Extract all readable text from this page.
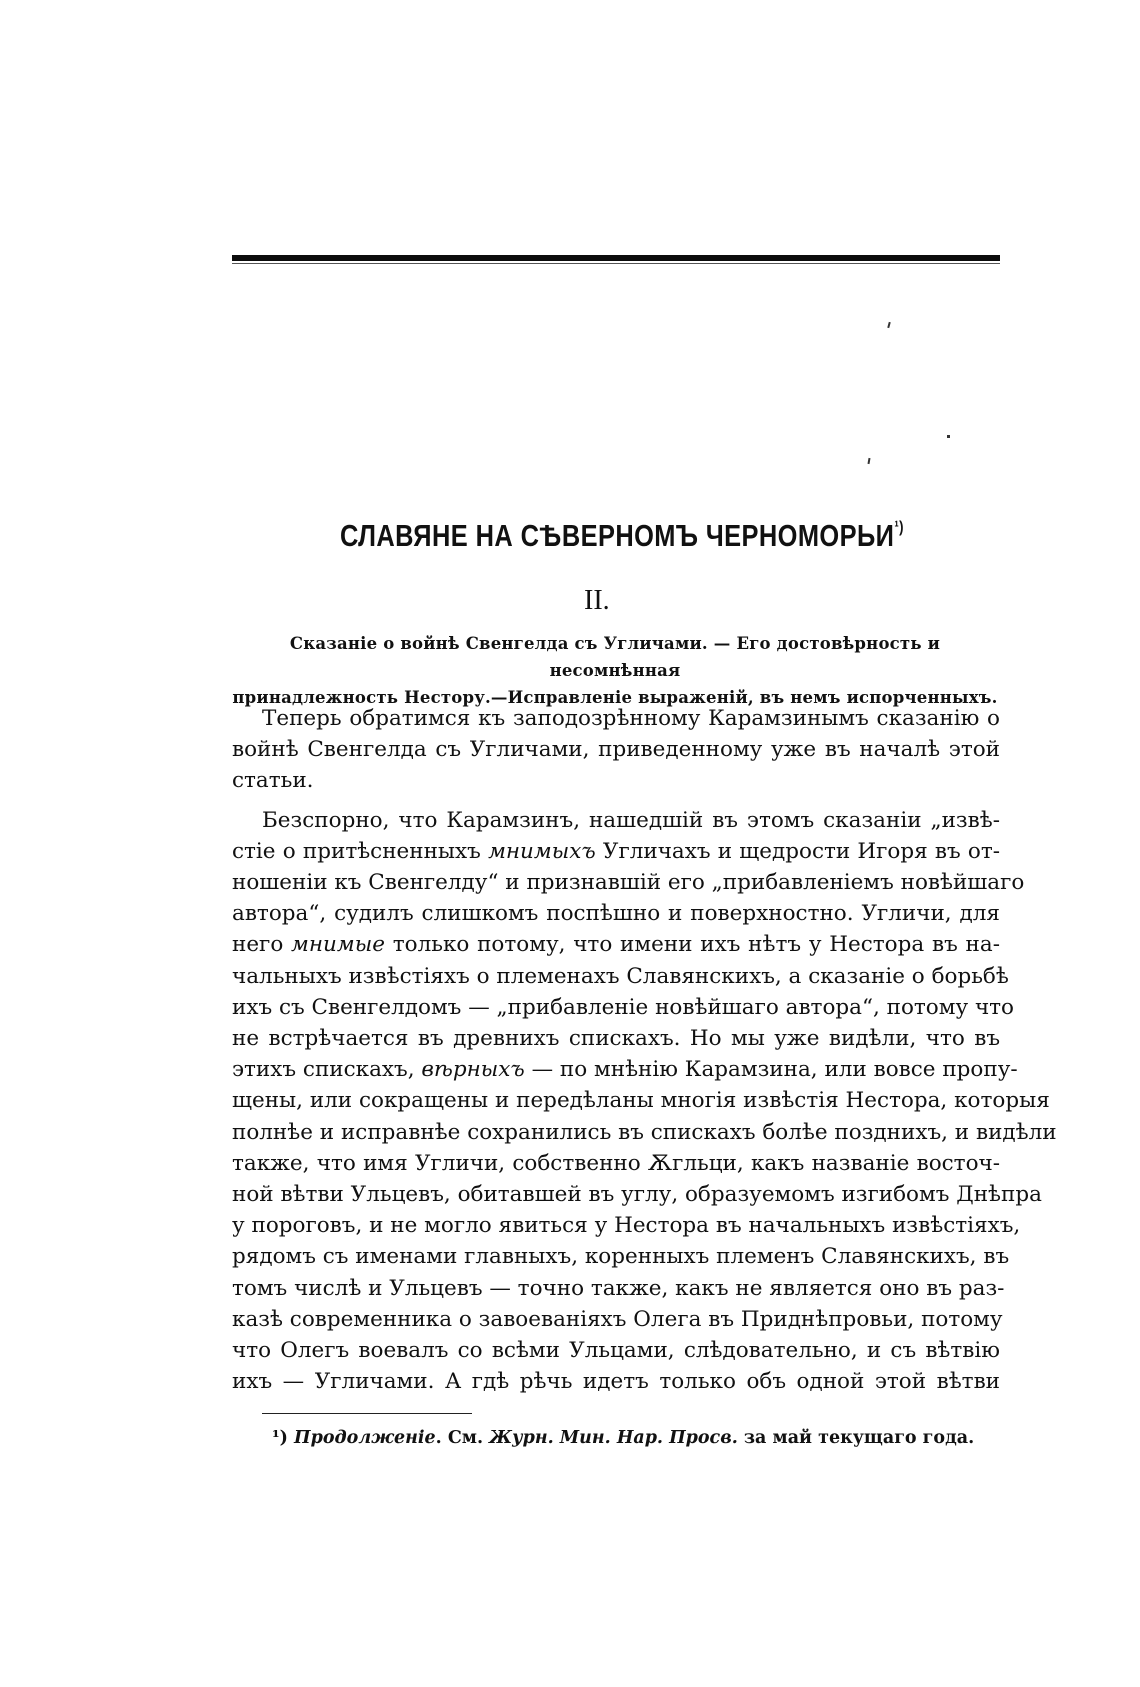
СЛАВЯНЕ НА СѢВЕРНОМЪ $ЧЕРНОМОРЬИ^{^1)}$
II.
Сказаніе о войнѣ Свенгелда съ Угличами. — Его достовѣрность и несомнѣнная
принадлежность Нестору.—Исправленіе выраженій, въ немъ испорченныхъ.
Теперь обратимся къ заподозрѣнному Карамзинымъ сказанію о
войнѣ Свенгелда съ Угличами, приведенному уже въ началѣ этой
статьи.
Безспорно, что Карамзинъ, нашедшій въ этомъ сказаніи „извѣ-
стіе о притѣсненныхъ мнимыхъ Угличахъ и щедрости Игоря въ от-
ношеніи къ Свенгелду“ и признавшій его „прибавленіемъ новѣйшаго
автора“, судилъ слишкомъ поспѣшно и поверхностно. Угличи, для
него мнимые только потому, что имени ихъ нѣтъ у Нестора въ на-
чальныхъ извѣстіяхъ о племенахъ Славянскихъ, а сказаніе о борьбѣ
ихъ съ Свенгелдомъ — „прибавленіе новѣйшаго автора“, потому что
не встрѣчается въ древнихъ спискахъ. Но мы уже видѣли, что въ
этихъ спискахъ, вѣрныхъ — по мнѣнію Карамзина, или вовсе пропу-
щены, или сокращены и передѣланы многія извѣстія Нестора, которыя
полнѣе и исправнѣе сохранились въ спискахъ болѣе позднихъ, и видѣли
также, что имя Угличи, собственно Ѫгльци, какъ названіе восточ-
ной вѣтви Ульцевъ, обитавшей въ углу, образуемомъ изгибомъ Днѣпра
у пороговъ, и не могло явиться у Нестора въ начальныхъ извѣстіяхъ,
рядомъ съ именами главныхъ, коренныхъ племенъ Славянскихъ, въ
томъ числѣ и Ульцевъ — точно также, какъ не является оно въ раз-
казѣ современника о завоеваніяхъ Олега въ Приднѣпровьи, потому
что Олегъ воевалъ со всѣми Ульцами, слѣдовательно, и съ вѣтвію
ихъ — Угличами. А гдѣ рѣчь идетъ только объ одной этой вѣтви
¹) Продолженіе. См. Журн. Мин. Нар. Просв. за май текущаго года.
